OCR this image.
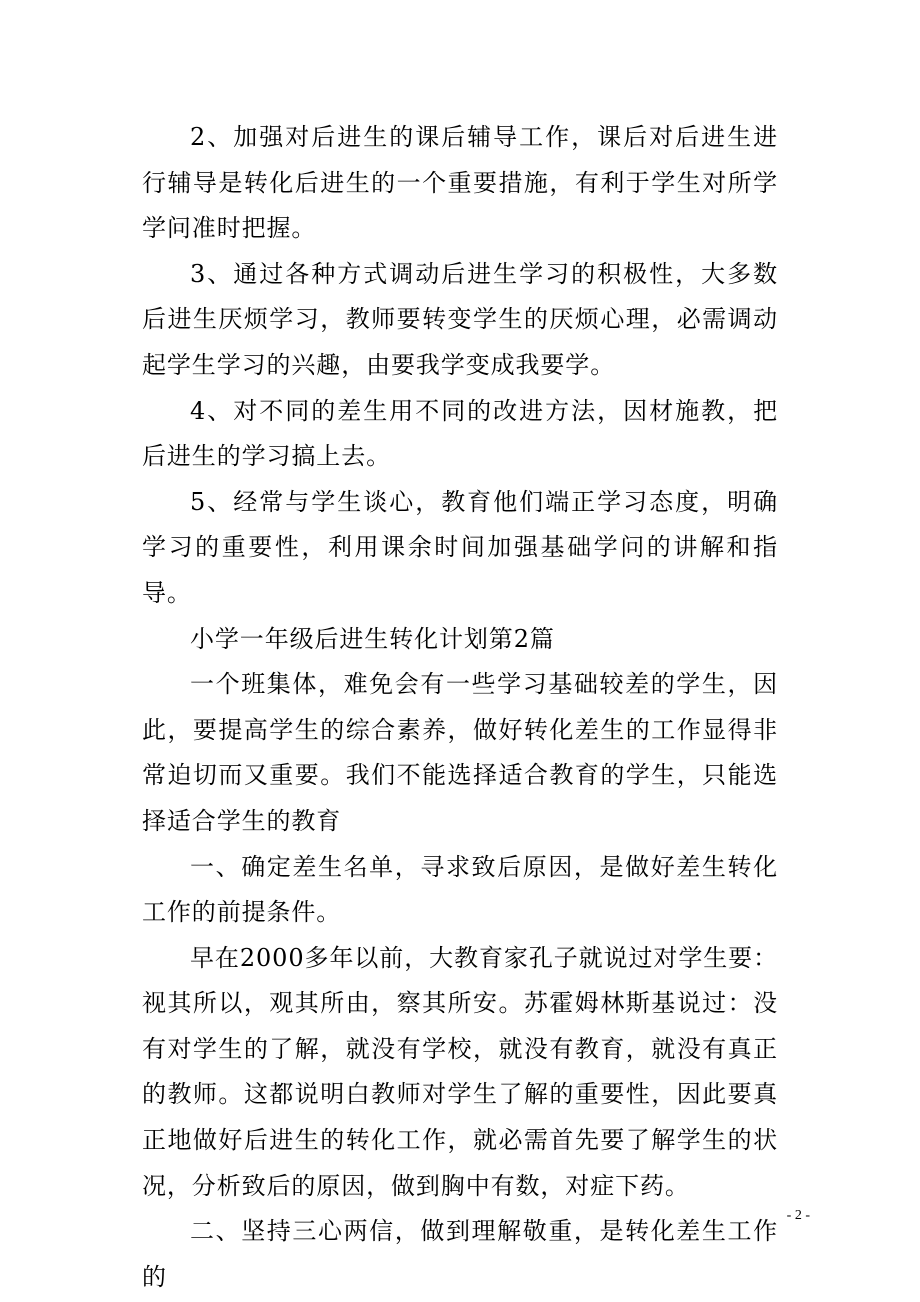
2、加强对后进生的课后辅导工作，课后对后进生进行辅导是转化后进生的一个重要措施，有利于学生对所学学问准时把握。

3、通过各种方式调动后进生学习的积极性，大多数后进生厌烦学习，教师要转变学生的厌烦心理，必需调动起学生学习的兴趣，由要我学变成我要学。

4、对不同的差生用不同的改进方法，因材施教，把后进生的学习搞上去。

5、经常与学生谈心，教育他们端正学习态度，明确学习的重要性，利用课余时间加强基础学问的讲解和指导。

小学一年级后进生转化计划第2篇

一个班集体，难免会有一些学习基础较差的学生，因此，要提高学生的综合素养，做好转化差生的工作显得非常迫切而又重要。我们不能选择适合教育的学生，只能选择适合学生的教育

一、确定差生名单，寻求致后原因，是做好差生转化工作的前提条件。

早在2000多年以前，大教育家孔子就说过对学生要：视其所以，观其所由，察其所安。苏霍姆林斯基说过：没有对学生的了解，就没有学校，就没有教育，就没有真正的教师。这都说明白教师对学生了解的重要性，因此要真正地做好后进生的转化工作，就必需首先要了解学生的状况，分析致后的原因，做到胸中有数，对症下药。

二、坚持三心两信，做到理解敬重，是转化差生工作的

- 2 -
